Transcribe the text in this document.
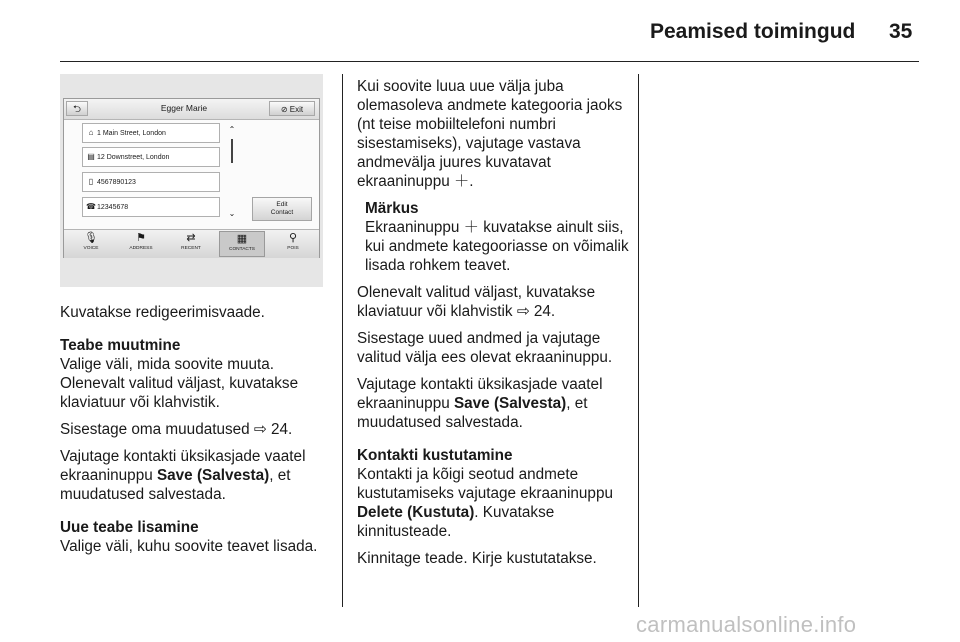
Peamised toimingud 35
⮌	Egger Marie	⊘ Exit
⌂ 1 Main Street, London
▤ 12 Downstreet, London
▯ 4567890123
☎12345678
⌃
⌄
Edit
Contact
🎙
VOICE
⚑
ADDRESS
⇄
RECENT
▦
CONTACTS
⚲
POIS

Kuvatakse redigeerimisvaade.

Teabe muutmine

Valige väli, mida soovite muuta. Olenevalt valitud väljast, kuvatakse klaviatuur või klahvistik.

Sisestage oma muudatused ⇨ 24.

Vajutage kontakti üksikasjade vaatel ekraaninuppu Save (Salvesta), et muudatused salvestada.

Uue teabe lisamine

Valige väli, kuhu soovite teavet lisada.

Kui soovite luua uue välja juba olemasoleva andmete kategooria jaoks (nt teise mobiiltelefoni numbri sisestamiseks), vajutage vastava andmevälja juures kuvatavat ekraaninuppu ＋.

Märkus

Ekraaninuppu ＋ kuvatakse ainult siis, kui andmete kategooriasse on võimalik lisada rohkem teavet.

Olenevalt valitud väljast, kuvatakse klaviatuur või klahvistik ⇨ 24.

Sisestage uued andmed ja vajutage valitud välja ees olevat ekraaninuppu.

Vajutage kontakti üksikasjade vaatel ekraaninuppu Save (Salvesta), et muudatused salvestada.

Kontakti kustutamine

Kontakti ja kõigi seotud andmete kustutamiseks vajutage ekraaninuppu Delete (Kustuta). Kuvatakse kinnitusteade.

Kinnitage teade. Kirje kustutatakse.

carmanualsonline.info
